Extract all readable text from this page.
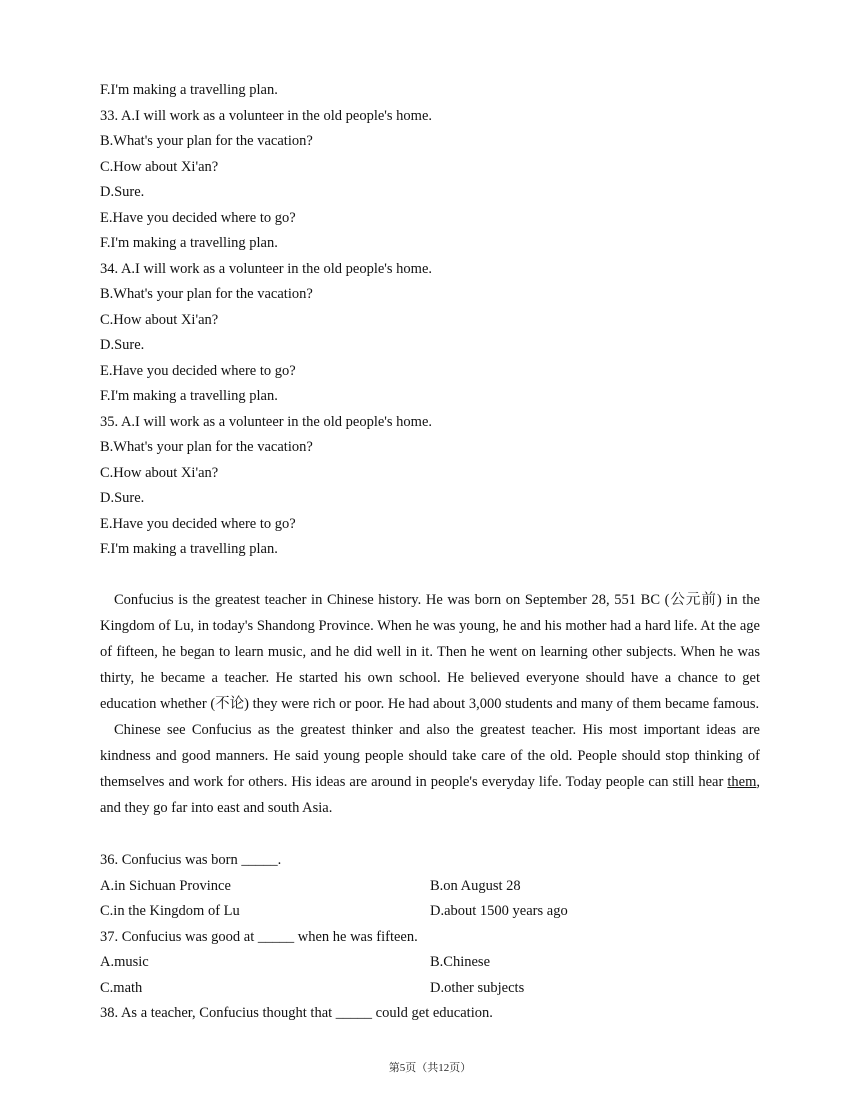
F.I'm making a travelling plan.
33. A.I will work as a volunteer in the old people's home.
B.What's your plan for the vacation?
C.How about Xi'an?
D.Sure.
E.Have you decided where to go?
F.I'm making a travelling plan.
34. A.I will work as a volunteer in the old people's home.
B.What's your plan for the vacation?
C.How about Xi'an?
D.Sure.
E.Have you decided where to go?
F.I'm making a travelling plan.
35. A.I will work as a volunteer in the old people's home.
B.What's your plan for the vacation?
C.How about Xi'an?
D.Sure.
E.Have you decided where to go?
F.I'm making a travelling plan.

Confucius is the greatest teacher in Chinese history. He was born on September 28, 551 BC (公元前) in the Kingdom of Lu, in today's Shandong Province. When he was young, he and his mother had a hard life. At the age of fifteen, he began to learn music, and he did well in it. Then he went on learning other subjects. When he was thirty, he became a teacher. He started his own school. He believed everyone should have a chance to get education whether (不论) they were rich or poor. He had about 3,000 students and many of them became famous.

Chinese see Confucius as the greatest thinker and also the greatest teacher. His most important ideas are kindness and good manners. He said young people should take care of the old. People should stop thinking of themselves and work for others. His ideas are around in people's everyday life. Today people can still hear them, and they go far into east and south Asia.

36. Confucius was born _____.
A.in Sichuan Province	B.on August 28
C.in the Kingdom of Lu	D.about 1500 years ago
37. Confucius was good at _____ when he was fifteen.
A.music	B.Chinese
C.math	D.other subjects
38. As a teacher, Confucius thought that _____ could get education.
第5页（共12页）
